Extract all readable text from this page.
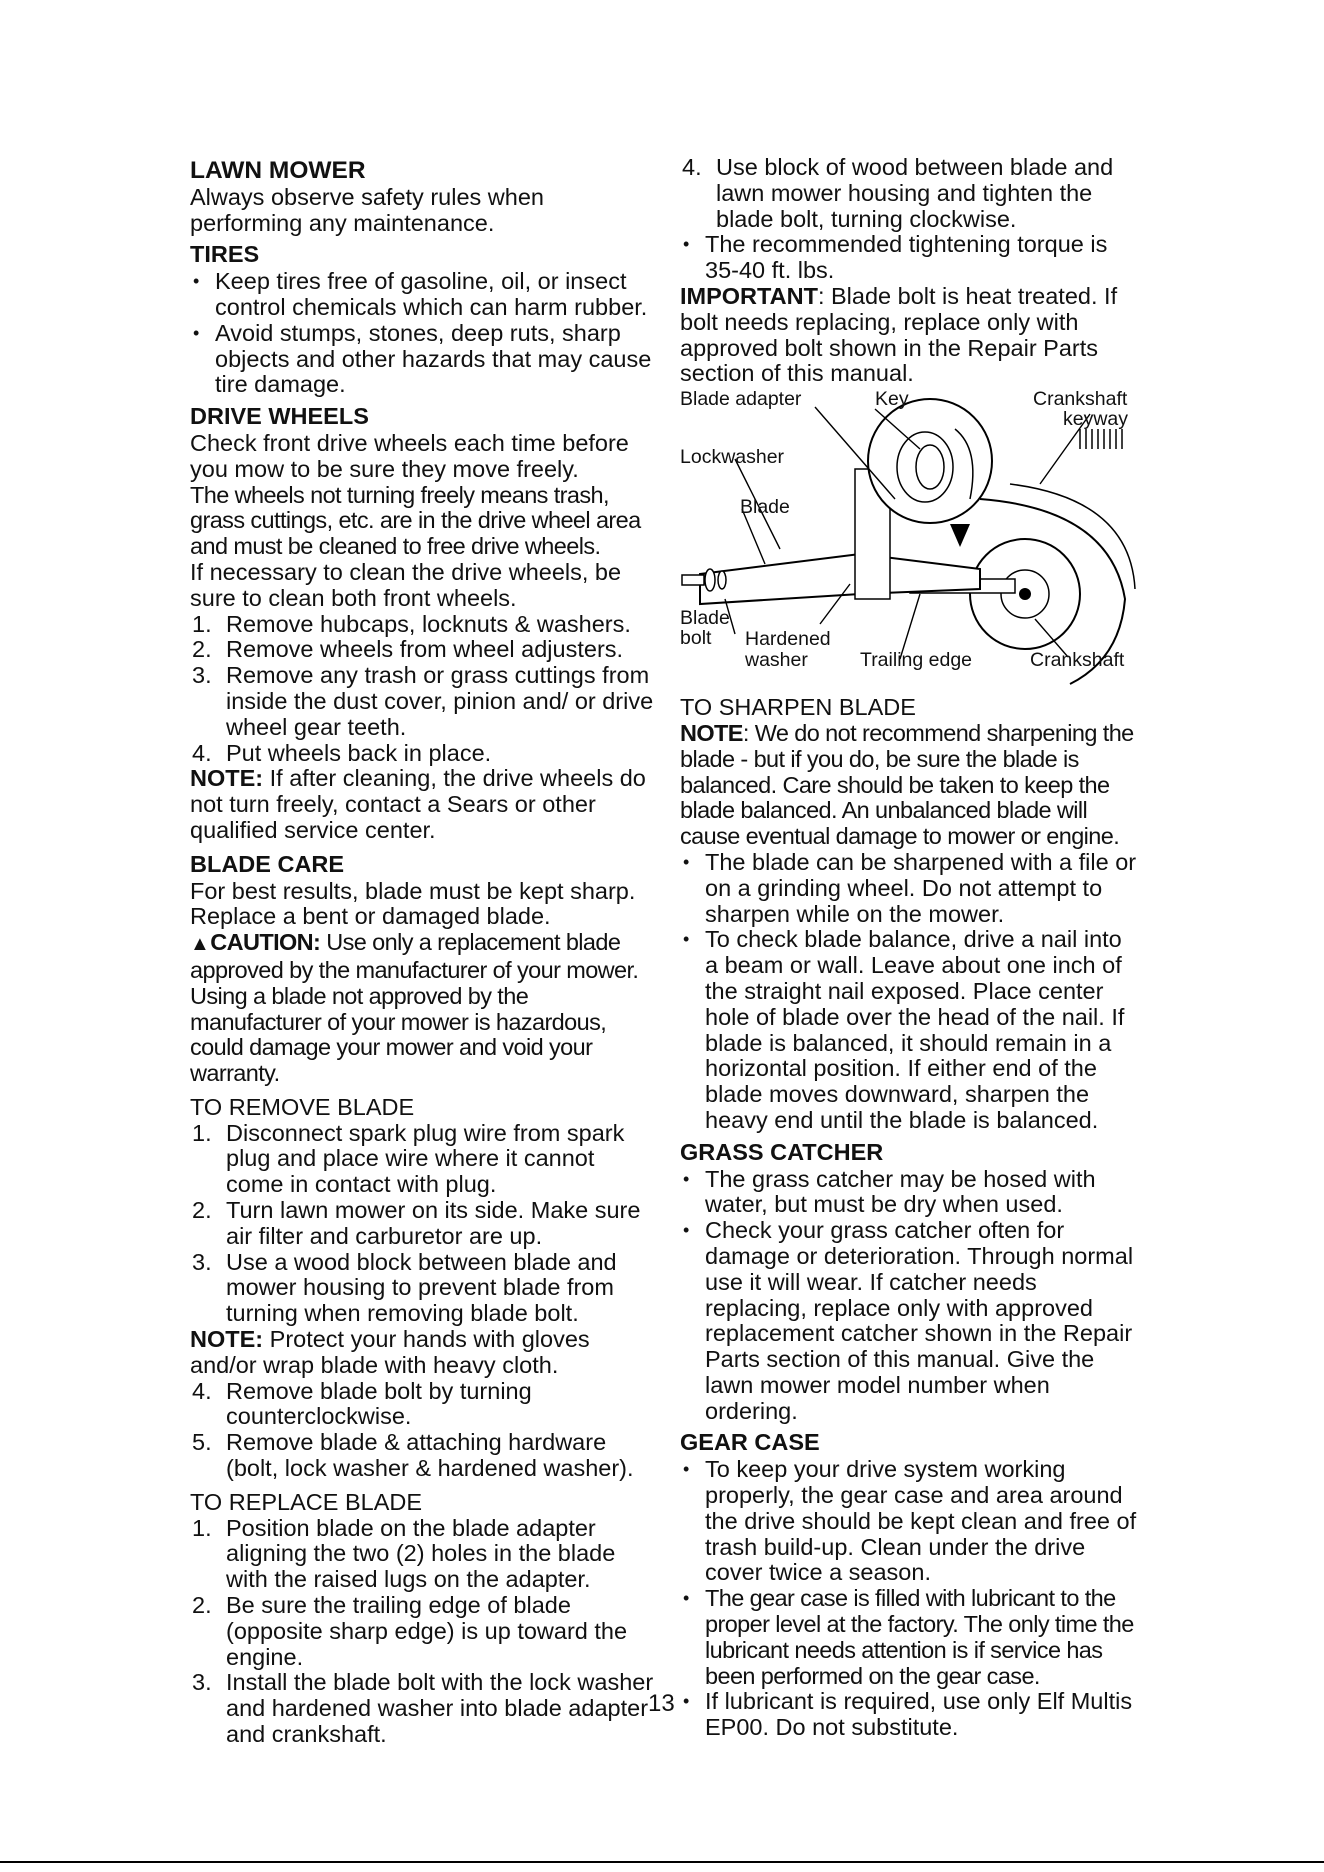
LAWN MOWER

Always observe safety rules when performing any maintenance.

TIRES
• Keep tires free of gasoline, oil, or insect control chemicals which can harm rubber.
• Avoid stumps, stones, deep ruts, sharp objects and other hazards that may cause tire damage.
DRIVE WHEELS

Check front drive wheels each time before you mow to be sure they move freely.

The wheels not turning freely means trash, grass cuttings, etc. are in the drive wheel area and must be cleaned to free drive wheels.

If necessary to clean the drive wheels, be sure to clean both front wheels.

1. Remove hubcaps, locknuts & washers.
2. Remove wheels from wheel adjusters.
3. Remove any trash or grass cuttings from inside the dust cover, pinion and/ or drive wheel gear teeth.
4. Put wheels back in place.

NOTE: If after cleaning, the drive wheels do not turn freely, contact a Sears or other qualified service center.

BLADE CARE

For best results, blade must be kept sharp. Replace a bent or damaged blade.

▲CAUTION: Use only a replacement blade approved by the manufacturer of your mower. Using a blade not approved by the manufacturer of your mower is hazardous, could damage your mower and void your warranty.

TO REMOVE BLADE
1. Disconnect spark plug wire from spark plug and place wire where it cannot come in contact with plug.
2. Turn lawn mower on its side. Make sure air filter and carburetor are up.
3. Use a wood block between blade and mower housing to prevent blade from turning when removing blade bolt.

NOTE: Protect your hands with gloves and/or wrap blade with heavy cloth.

4. Remove blade bolt by turning counterclockwise.
5. Remove blade & attaching hardware (bolt, lock washer & hardened washer).
TO REPLACE BLADE
1. Position blade on the blade adapter aligning the two (2) holes in the blade with the raised lugs on the adapter.
2. Be sure the trailing edge of blade (opposite sharp edge) is up toward the engine.
3. Install the blade bolt with the lock washer and hardened washer into blade adapter and crankshaft.
4. Use block of wood between blade and lawn mower housing and tighten the blade bolt, turning clockwise.
• The recommended tightening torque is 35-40 ft. lbs.

IMPORTANT: Blade bolt is heat treated. If bolt needs replacing, replace only with approved bolt shown in the Repair Parts section of this manual.

Blade adapter	Key	Crankshaft
keyway
Lockwasher
Blade
Blade
bolt Hardened
washer	Trailing edge	Crankshaft
TO SHARPEN BLADE

NOTE: We do not recommend sharpening the blade - but if you do, be sure the blade is balanced. Care should be taken to keep the blade balanced. An unbalanced blade will cause eventual damage to mower or engine.

• The blade can be sharpened with a file or on a grinding wheel. Do not attempt to sharpen while on the mower.
• To check blade balance, drive a nail into a beam or wall. Leave about one inch of the straight nail exposed. Place center hole of blade over the head of the nail. If blade is balanced, it should remain in a horizontal position. If either end of the blade moves downward, sharpen the heavy end until the blade is balanced.
GRASS CATCHER
• The grass catcher may be hosed with water, but must be dry when used.
• Check your grass catcher often for damage or deterioration. Through normal use it will wear. If catcher needs replacing, replace only with approved replacement catcher shown in the Repair Parts section of this manual. Give the lawn mower model number when ordering.
GEAR CASE
• To keep your drive system working properly, the gear case and area around the drive should be kept clean and free of trash build-up. Clean under the drive cover twice a season.
• The gear case is filled with lubricant to the proper level at the factory. The only time the lubricant needs attention is if service has been performed on the gear case.
• If lubricant is required, use only Elf Multis EP00. Do not substitute.
13
